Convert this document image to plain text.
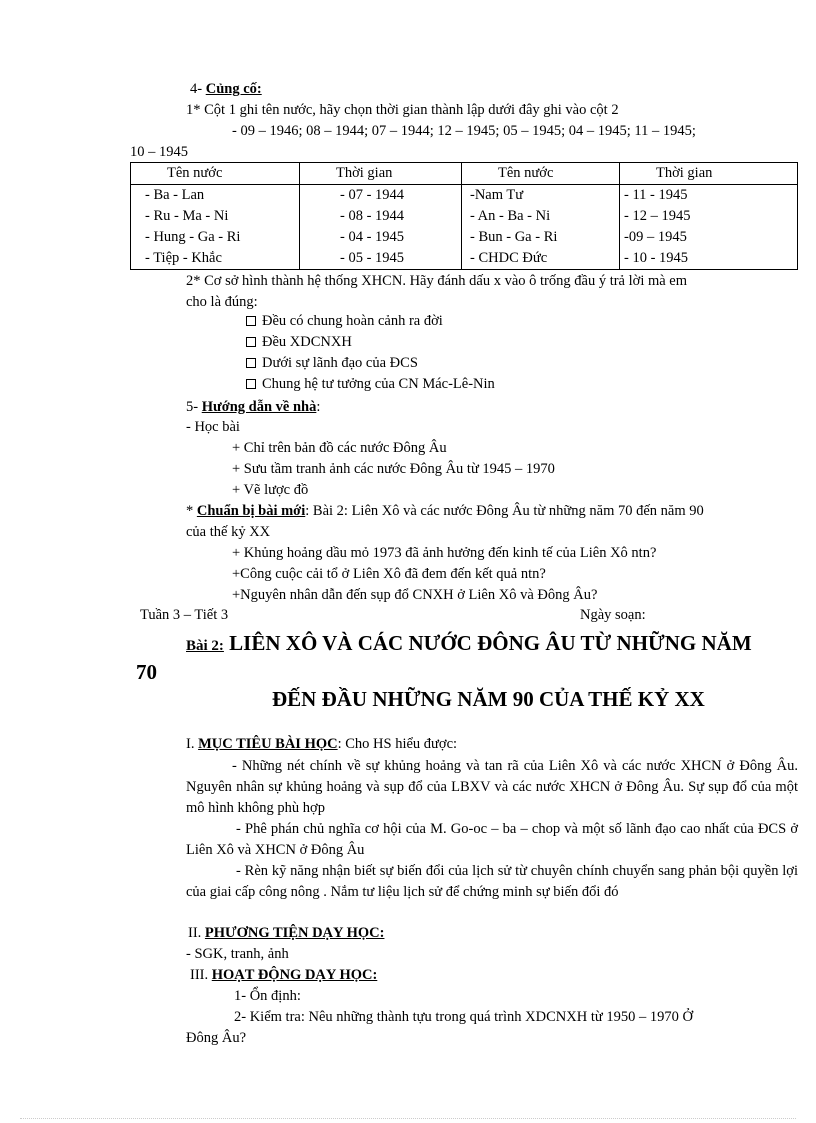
4- Củng cố:
1* Cột 1 ghi tên nước, hãy chọn thời gian thành lập dưới đây ghi vào cột 2
- 09 – 1946; 08 – 1944; 07 – 1944; 12 – 1945; 05 – 1945; 04 – 1945; 11 – 1945;
10 – 1945
Tên nước	Thời gian	Tên nước	Thời gian
- Ba - Lan	- 07 - 1944	-Nam Tư	- 11 - 1945
- Ru - Ma - Ni	- 08 - 1944	- An - Ba - Ni	- 12 – 1945
- Hung - Ga - Ri	- 04 - 1945	- Bun - Ga - Ri	-09 – 1945
- Tiệp - Khắc	- 05 - 1945	- CHDC Đức	- 10 - 1945
2* Cơ sở hình thành hệ thống XHCN. Hãy đánh dấu x vào ô trống đầu ý trả lời mà em
cho là đúng:
Đều có chung hoàn cảnh ra đời
Đều XDCNXH
Dưới sự lãnh đạo của ĐCS
Chung hệ tư tưởng của CN Mác-Lê-Nin
5- Hướng dẫn về nhà:
- Học bài
+ Chỉ trên bản đồ các nước Đông Âu
+ Sưu tầm tranh ảnh các nước Đông Âu từ 1945 – 1970
+ Vẽ lược đồ
* Chuẩn bị bài mới: Bài 2: Liên Xô và các nước Đông Âu từ những năm 70 đến năm 90
của thế kỷ XX
+ Khủng hoảng dầu mỏ 1973 đã ảnh hưởng đến kinh tế của Liên Xô ntn?
+Công cuộc cải tổ ở Liên Xô đã đem đến kết quả ntn?
+Nguyên nhân dẫn đến sụp đổ CNXH ở Liên Xô và Đông Âu?
Tuần 3 – Tiết 3	Ngày soạn:
Bài 2: LIÊN XÔ VÀ CÁC NƯỚC ĐÔNG ÂU TỪ NHỮNG NĂM
70
ĐẾN ĐẦU NHỮNG NĂM 90 CỦA THẾ KỶ XX
I. MỤC TIÊU BÀI HỌC: Cho HS hiểu được:
- Những nét chính về sự khủng hoảng và tan rã của Liên Xô và các nước XHCN ở Đông Âu. Nguyên nhân sự khủng hoảng và sụp đổ của LBXV và các nước XHCN ở Đông Âu. Sự sụp đổ của một mô hình không phù hợp
- Phê phán chủ nghĩa cơ hội của M. Go-oc – ba – chop và một số lãnh đạo cao nhất của ĐCS ở Liên Xô và XHCN ở Đông Âu
- Rèn kỹ năng nhận biết sự biến đổi của lịch sử từ chuyên chính chuyển sang phản bội quyền lợi của giai cấp công nông . Nắm tư liệu lịch sử để chứng minh sự biến đổi đó
II. PHƯƠNG TIỆN DẠY HỌC:
- SGK, tranh, ảnh
III. HOẠT ĐỘNG DẠY HỌC:
1- Ổn định:
2- Kiểm tra: Nêu những thành tựu trong quá trình XDCNXH từ 1950 – 1970 Ở
Đông Âu?
